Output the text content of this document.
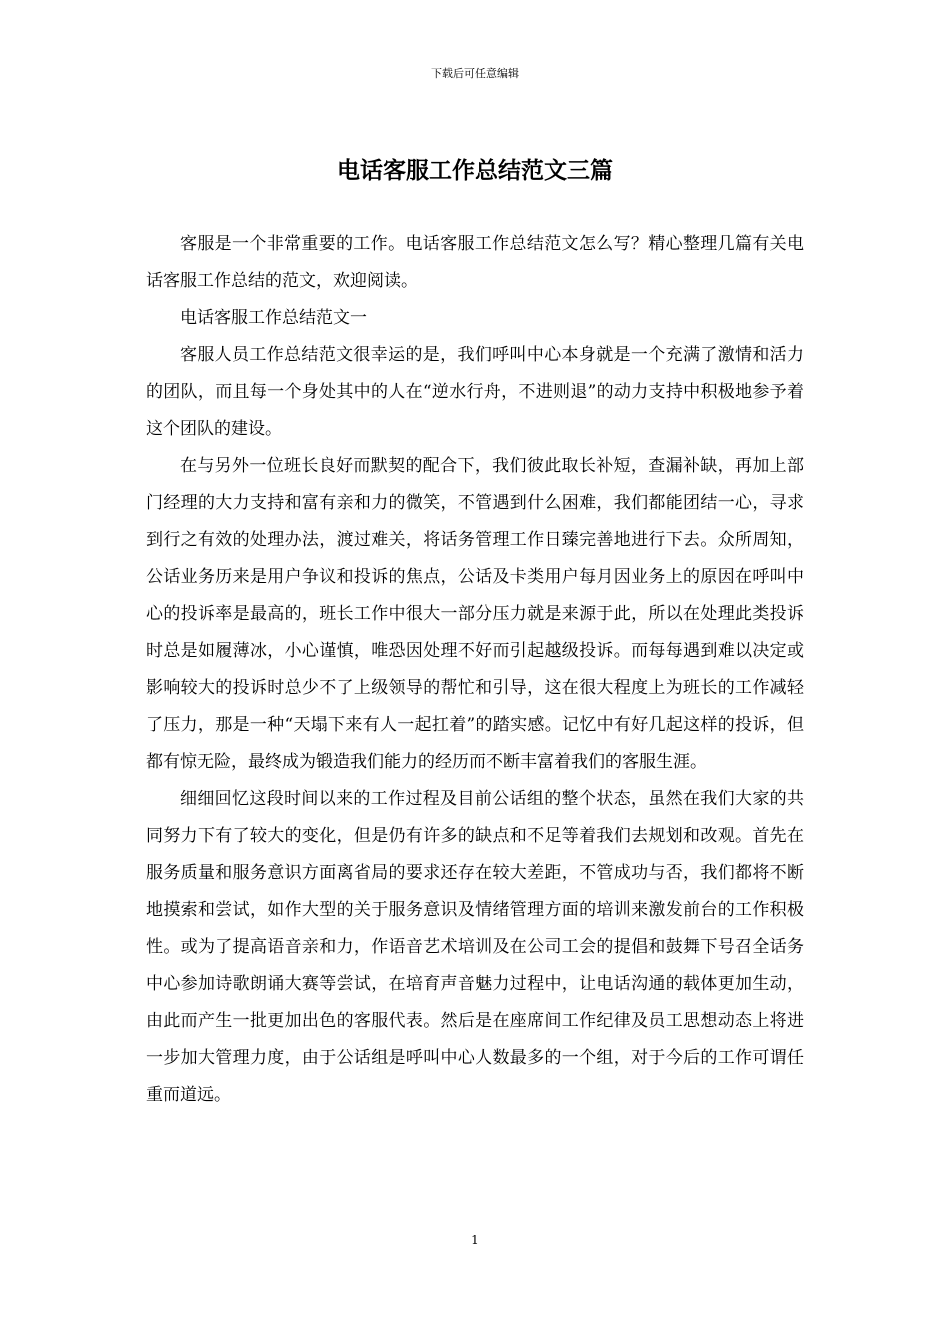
下载后可任意编辑
电话客服工作总结范文三篇

客服是一个非常重要的工作。电话客服工作总结范文怎么写？精心整理几篇有关电话客服工作总结的范文，欢迎阅读。

电话客服工作总结范文一

客服人员工作总结范文很幸运的是，我们呼叫中心本身就是一个充满了激情和活力的团队，而且每一个身处其中的人在“逆水行舟，不进则退”的动力支持中积极地参予着这个团队的建设。

在与另外一位班长良好而默契的配合下，我们彼此取长补短，查漏补缺，再加上部门经理的大力支持和富有亲和力的微笑，不管遇到什么困难，我们都能团结一心，寻求到行之有效的处理办法，渡过难关，将话务管理工作日臻完善地进行下去。众所周知，公话业务历来是用户争议和投诉的焦点，公话及卡类用户每月因业务上的原因在呼叫中心的投诉率是最高的，班长工作中很大一部分压力就是来源于此，所以在处理此类投诉时总是如履薄冰，小心谨慎，唯恐因处理不好而引起越级投诉。而每每遇到难以决定或影响较大的投诉时总少不了上级领导的帮忙和引导，这在很大程度上为班长的工作减轻了压力，那是一种“天塌下来有人一起扛着”的踏实感。记忆中有好几起这样的投诉，但都有惊无险，最终成为锻造我们能力的经历而不断丰富着我们的客服生涯。

细细回忆这段时间以来的工作过程及目前公话组的整个状态，虽然在我们大家的共同努力下有了较大的变化，但是仍有许多的缺点和不足等着我们去规划和改观。首先在服务质量和服务意识方面离省局的要求还存在较大差距，不管成功与否，我们都将不断地摸索和尝试，如作大型的关于服务意识及情绪管理方面的培训来激发前台的工作积极性。或为了提高语音亲和力，作语音艺术培训及在公司工会的提倡和鼓舞下号召全话务中心参加诗歌朗诵大赛等尝试，在培育声音魅力过程中，让电话沟通的载体更加生动，由此而产生一批更加出色的客服代表。然后是在座席间工作纪律及员工思想动态上将进一步加大管理力度，由于公话组是呼叫中心人数最多的一个组，对于今后的工作可谓任重而道远。

1
